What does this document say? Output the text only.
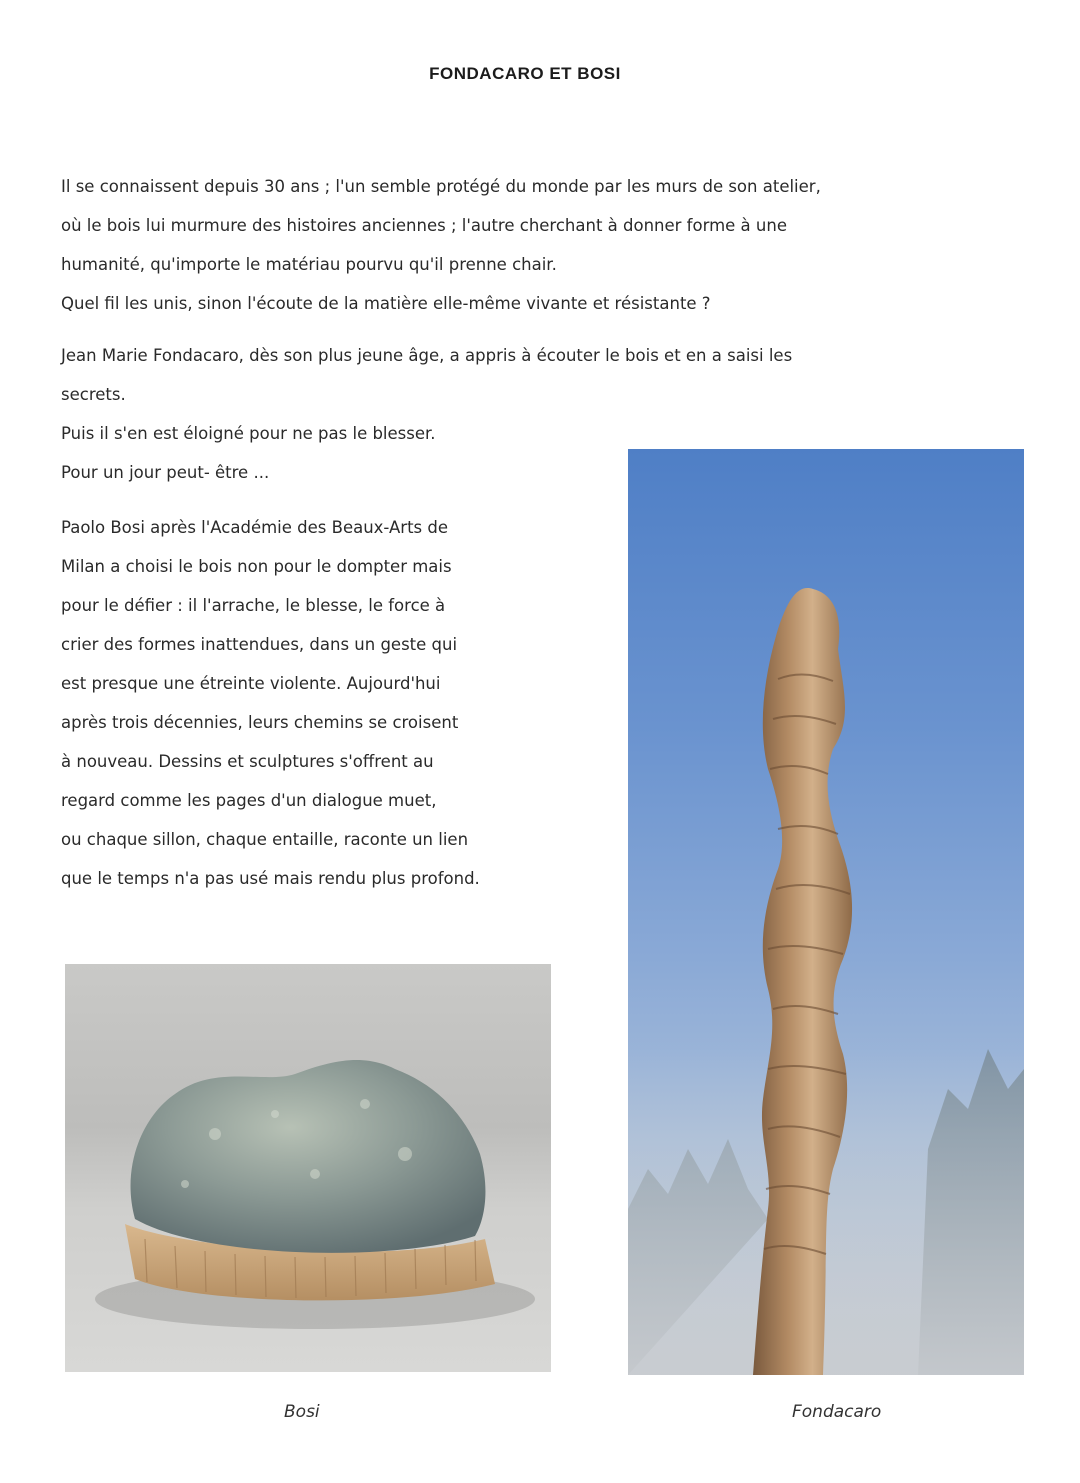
FONDACARO ET BOSI
Il se connaissent depuis 30 ans ; l'un semble protégé du monde par les murs de son atelier,
où le bois lui murmure des histoires anciennes ; l'autre cherchant à donner forme à une
humanité, qu'importe le matériau pourvu qu'il prenne chair.
Quel fil les unis, sinon l'écoute de la matière elle-même vivante et résistante ?
Jean Marie Fondacaro, dès son plus jeune âge, a appris à écouter le bois et en a saisi les
secrets.
Puis il s'en est éloigné pour ne pas le blesser.
Pour un jour peut- être ...
Paolo Bosi après l'Académie des Beaux-Arts de
Milan a choisi le bois non pour le dompter mais
pour le défier : il l'arrache, le blesse, le force à
crier des formes inattendues, dans un geste qui
est presque une étreinte violente. Aujourd'hui
après trois décennies, leurs chemins se croisent
à nouveau. Dessins et sculptures s'offrent au
regard comme les pages d'un dialogue muet,
ou chaque sillon, chaque entaille, raconte un lien
que le temps n'a pas usé mais rendu plus profond.
Bosi	Fondacaro
